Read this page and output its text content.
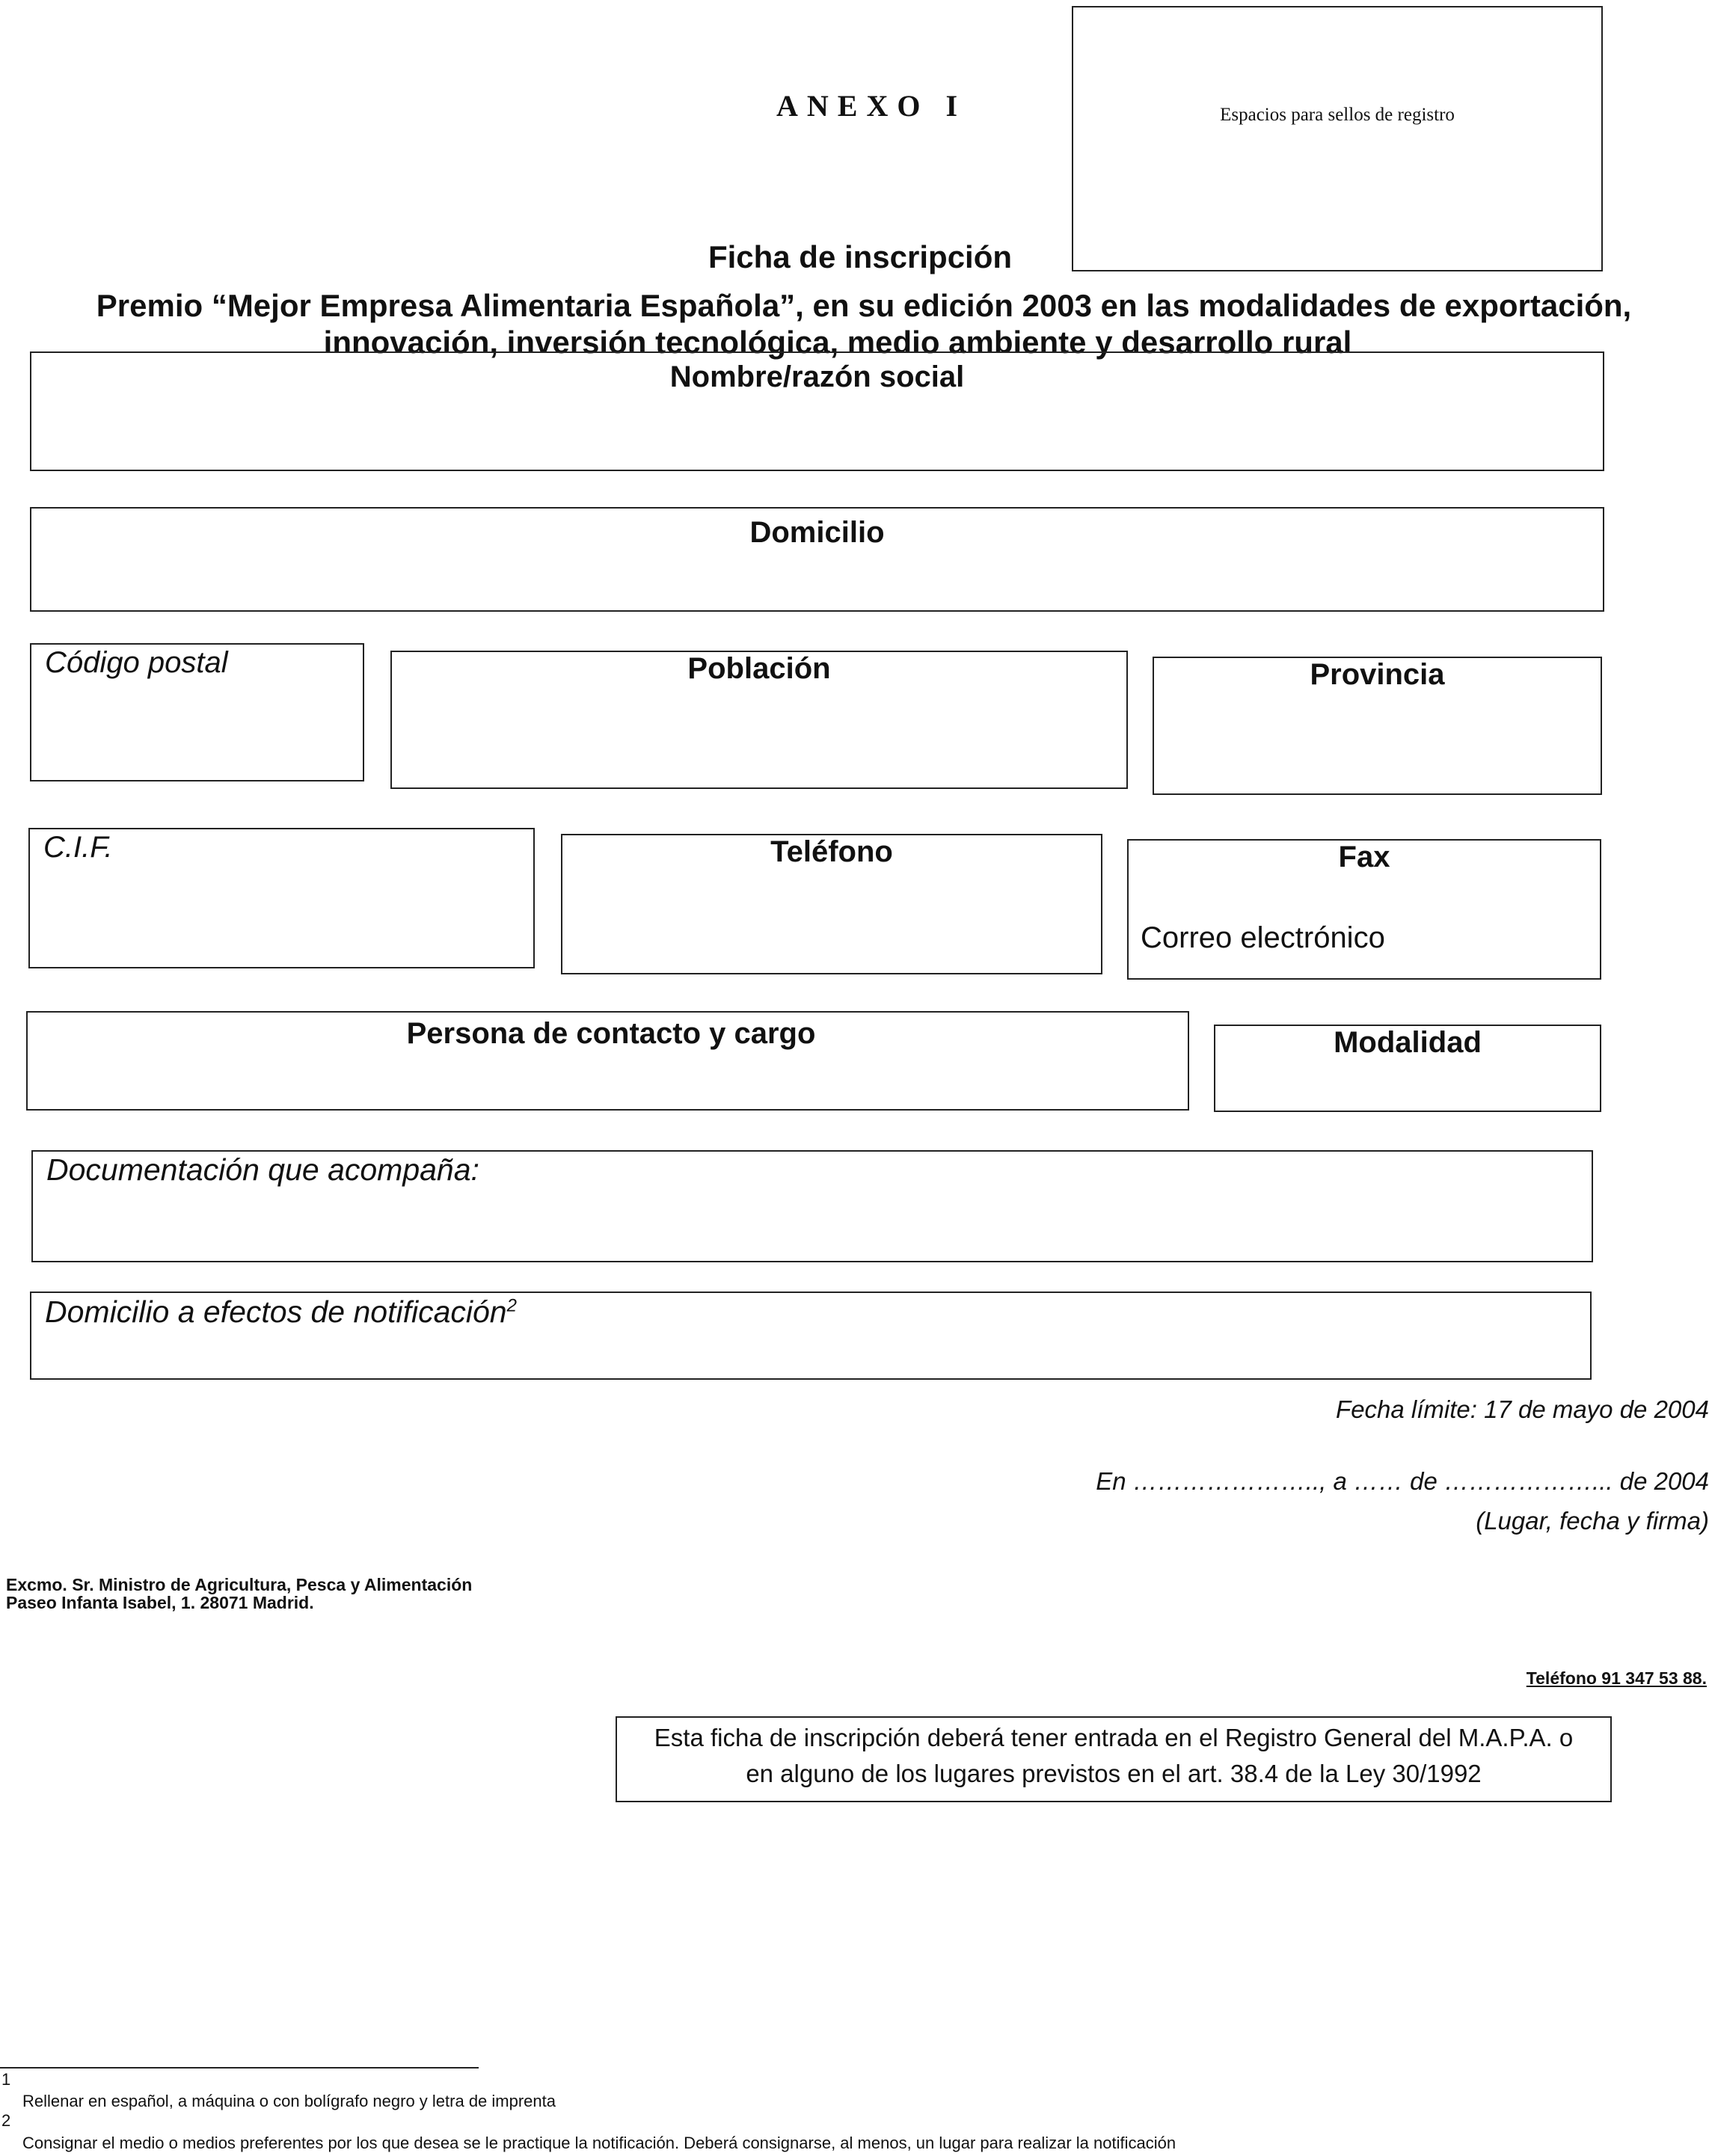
ANEXO I	Espacios para sellos de registro
Ficha de inscripción
Premio “Mejor Empresa Alimentaria Española”, en su edición 2003 en las modalidades de exportación,
innovación, inversión tecnológica, medio ambiente y desarrollo rural
Nombre/razón social
Domicilio
Código postal	Población	Provincia
C.I.F.	Teléfono	Fax
Correo electrónico
Persona de contacto y cargo	Modalidad
Documentación que acompaña:
Domicilio a efectos de notificación$^2$
Fecha límite: 17 de mayo de 2004
En ………………….., a …… de ………………... de 2004
(Lugar, fecha y firma)
Excmo. Sr. Ministro de Agricultura, Pesca y Alimentación
Paseo Infanta Isabel, 1. 28071 Madrid.
Teléfono 91 347 53 88.
Esta ficha de inscripción deberá tener entrada en el Registro General del M.A.P.A. o
en alguno de los lugares previstos en el art. 38.4 de la Ley 30/1992
1
Rellenar en español, a máquina o con bolígrafo negro y letra de imprenta
2
Consignar el medio o medios preferentes por los que desea se le practique la notificación. Deberá consignarse, al menos, un lugar para realizar la notificación
